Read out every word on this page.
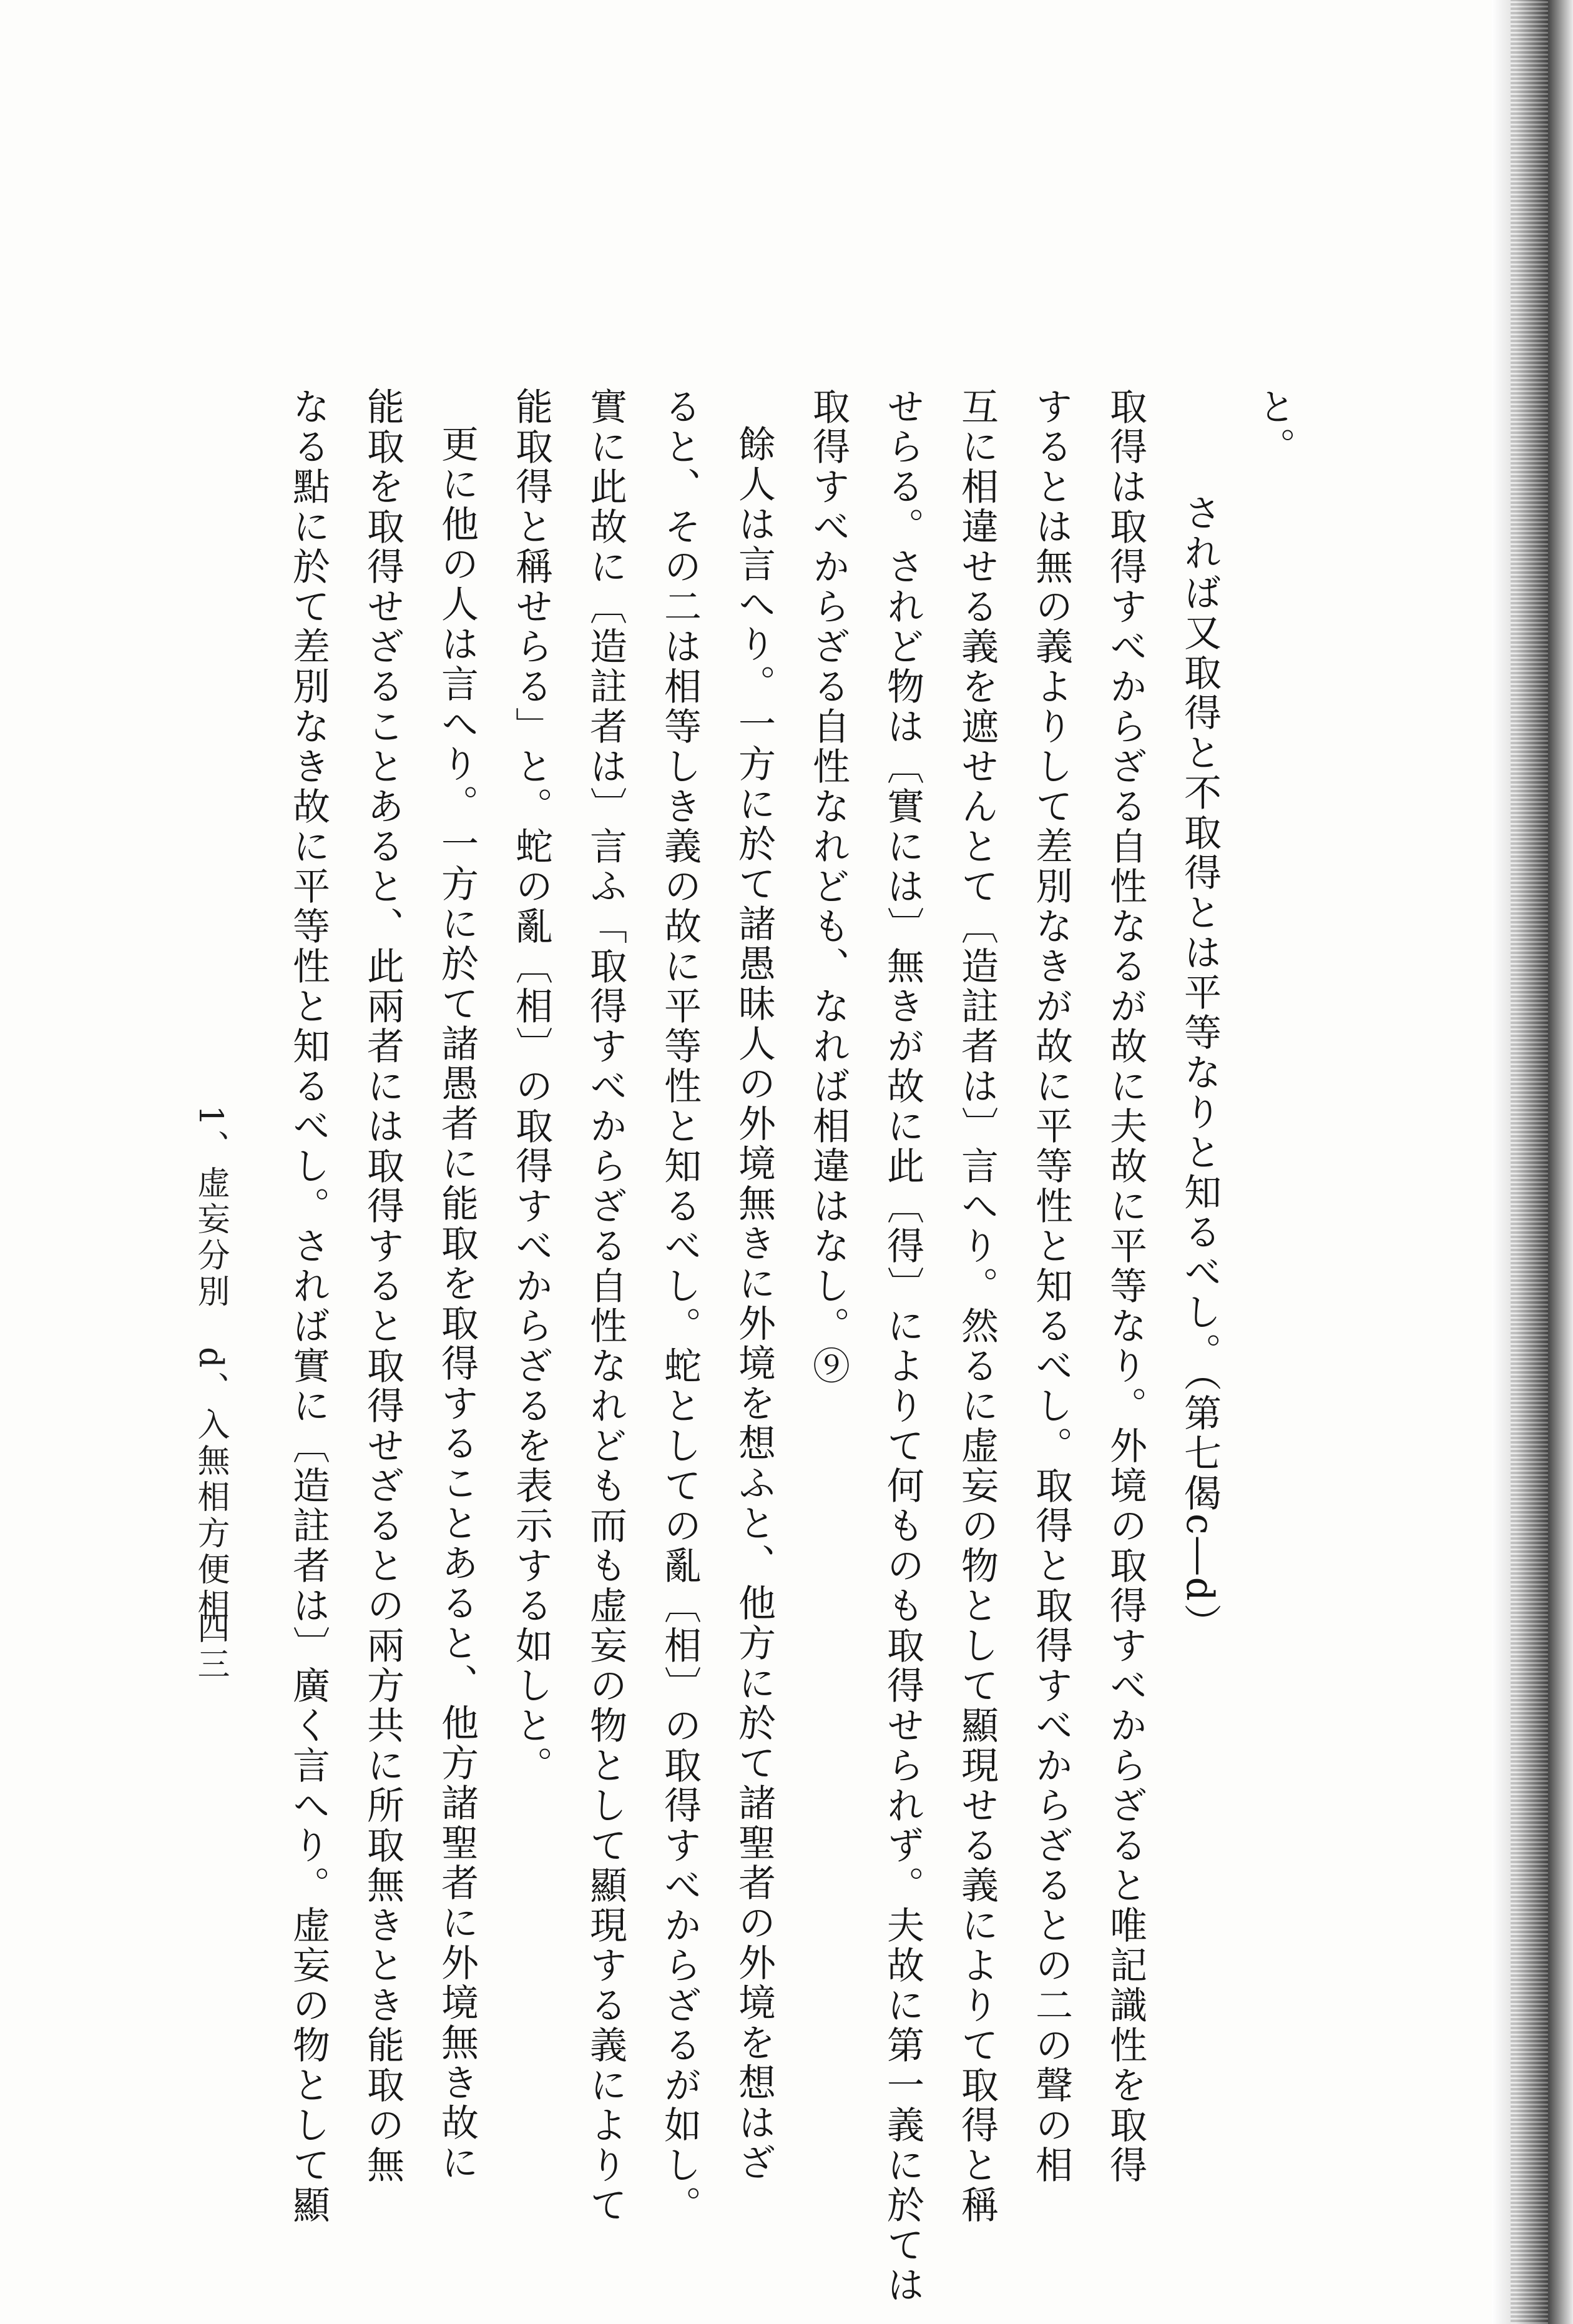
と。
されば又取得と不取得とは平等なりと知るべし。（第七偈c―d）
取得は取得すべからざる自性なるが故に夫故に平等なり。外境の取得すべからざると唯記識性を取得
するとは無の義よりして差別なきが故に平等性と知るべし。取得と取得すべからざるとの二の聲の相
互に相違せる義を遮せんとて〔造註者は〕言へり。然るに虚妄の物として顯現せる義によりて取得と稱
せらる。されど物は〔實には〕無きが故に此〔得〕によりて何ものも取得せられず。夫故に第一義に於ては
取得すべからざる自性なれども、なれば相違はなし。⑨
餘人は言へり。一方に於て諸愚昧人の外境無きに外境を想ふと、他方に於て諸聖者の外境を想はざ
ると、その二は相等しき義の故に平等性と知るべし。蛇としての亂〔相〕の取得すべからざるが如し。
實に此故に〔造註者は〕言ふ「取得すべからざる自性なれども而も虚妄の物として顯現する義によりて
能取得と稱せらる」と。蛇の亂〔相〕の取得すべからざるを表示する如しと。
更に他の人は言へり。一方に於て諸愚者に能取を取得することあると、他方諸聖者に外境無き故に
能取を取得せざることあると、此兩者には取得すると取得せざるとの兩方共に所取無きとき能取の無
なる點に於て差別なき故に平等性と知るべし。されば實に〔造註者は〕廣く言へり。虚妄の物として顯
1、虚妄分別　d、入無相方便相
四三
